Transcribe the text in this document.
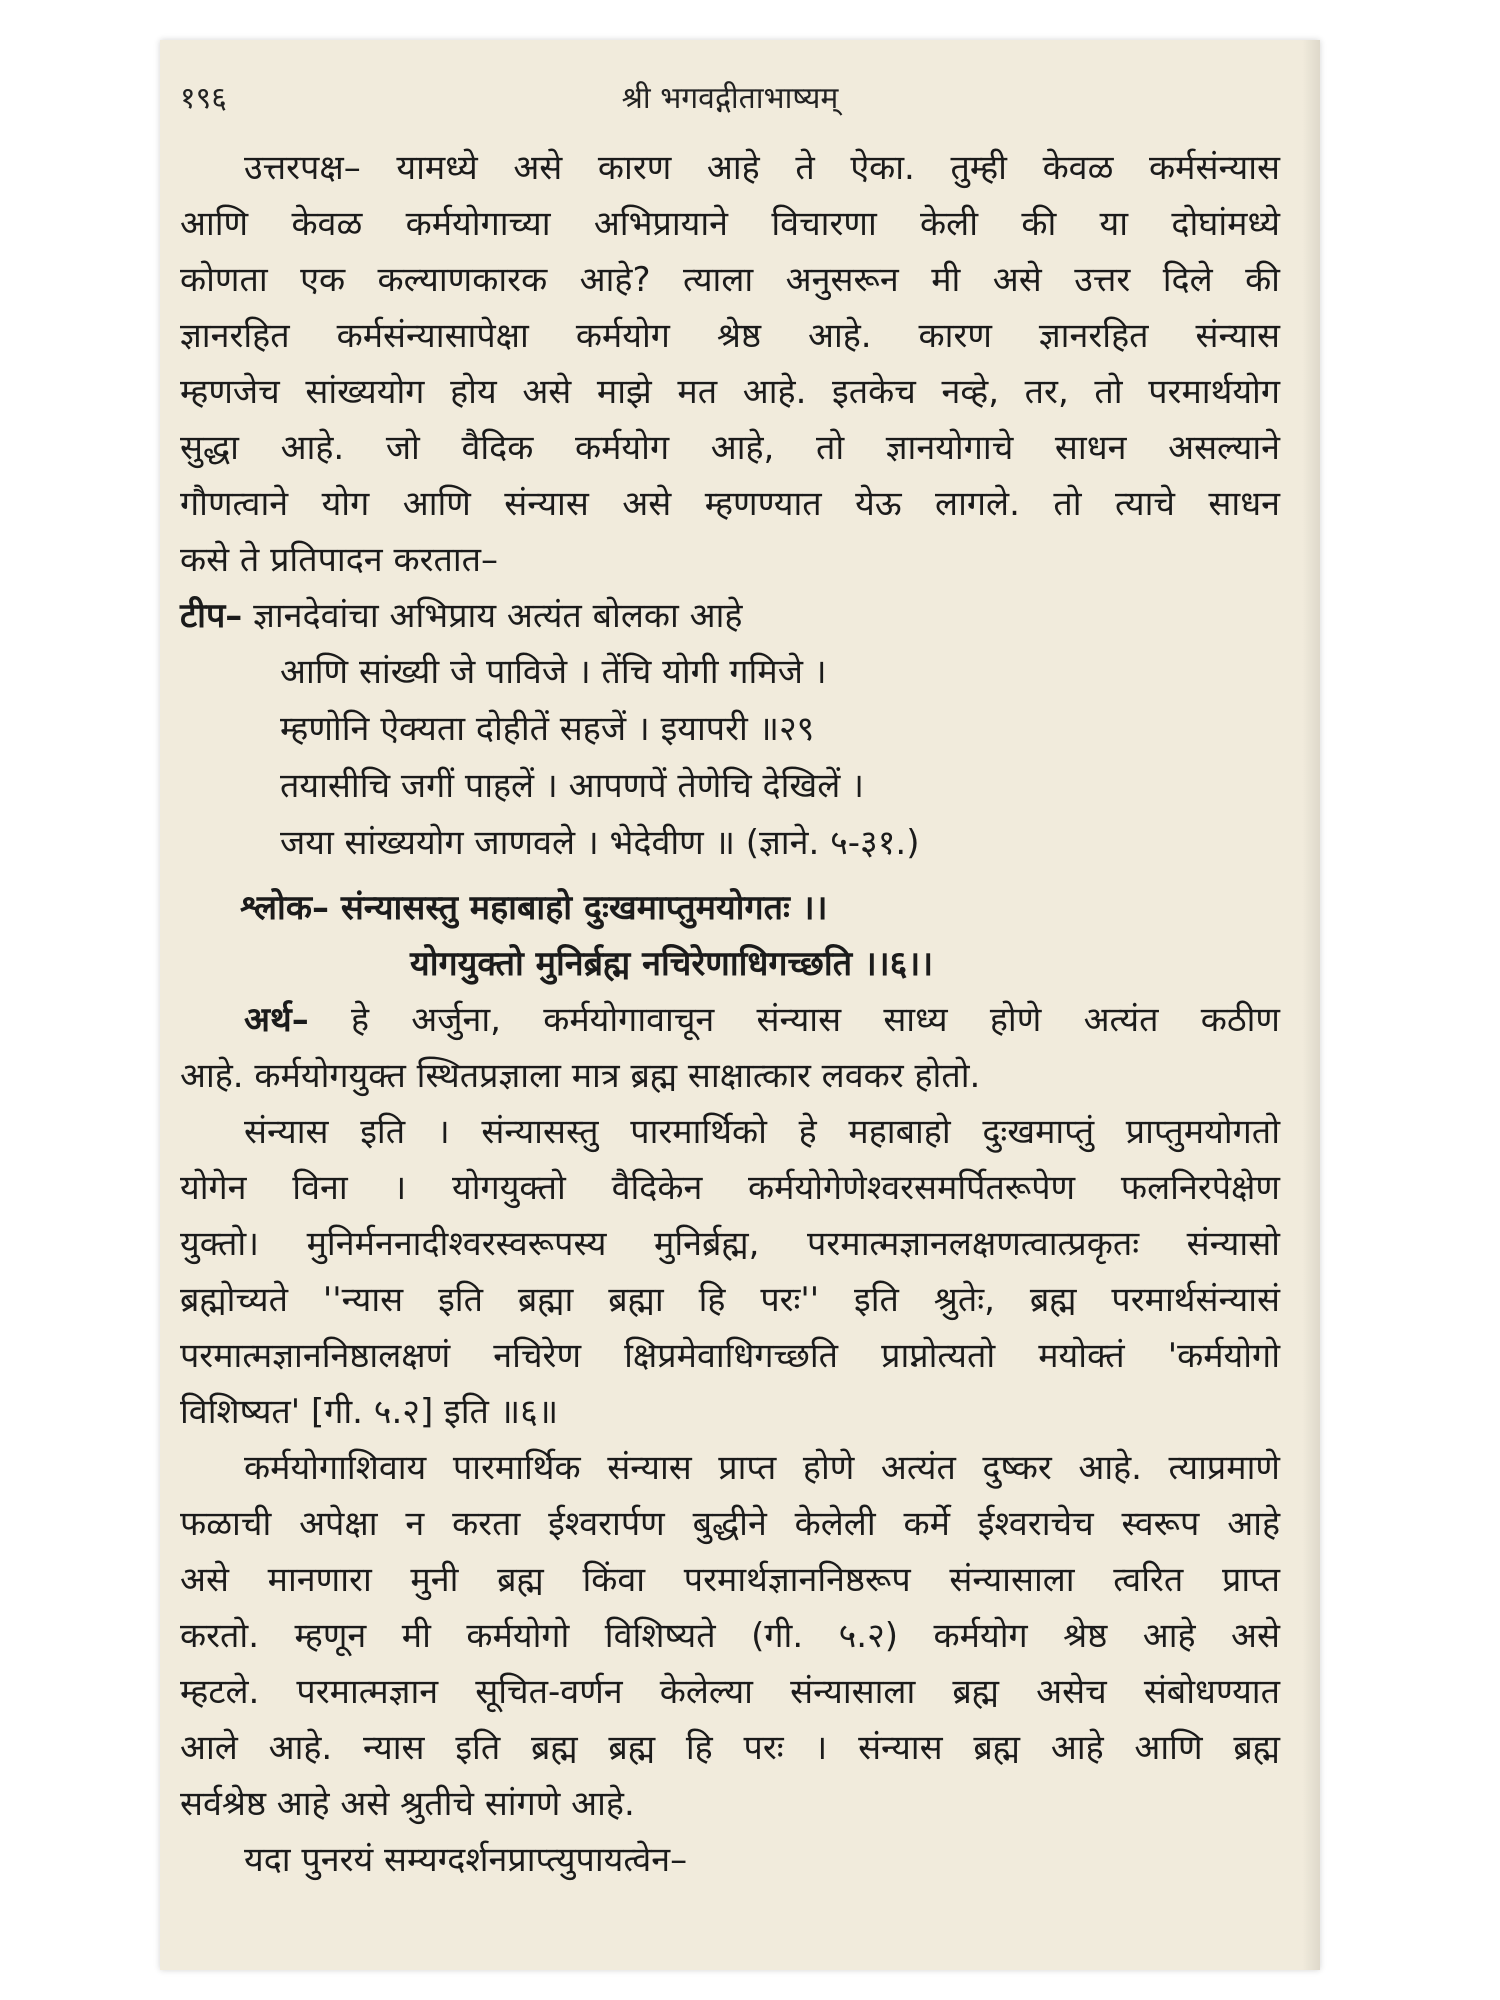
१९६	श्री भगवद्गीताभाष्यम्

उत्तरपक्ष– यामध्ये असे कारण आहे ते ऐका. तुम्ही केवळ कर्मसंन्यास

आणि केवळ कर्मयोगाच्या अभिप्रायाने विचारणा केली की या दोघांमध्ये

कोणता एक कल्याणकारक आहे? त्याला अनुसरून मी असे उत्तर दिले की

ज्ञानरहित कर्मसंन्यासापेक्षा कर्मयोग श्रेष्ठ आहे. कारण ज्ञानरहित संन्यास

म्हणजेच सांख्ययोग होय असे माझे मत आहे. इतकेच नव्हे, तर, तो परमार्थयोग

सुद्धा आहे. जो वैदिक कर्मयोग आहे, तो ज्ञानयोगाचे साधन असल्याने

गौणत्वाने योग आणि संन्यास असे म्हणण्यात येऊ लागले. तो त्याचे साधन

कसे ते प्रतिपादन करतात–

टीप– ज्ञानदेवांचा अभिप्राय अत्यंत बोलका आहे

आणि सांख्यी जे पाविजे । तेंचि योगी गमिजे ।

म्हणोनि ऐक्यता दोहीतें सहजें । इयापरी ॥२९

तयासीचि जगीं पाहलें । आपणपें तेणेचि देखिलें ।

जया सांख्ययोग जाणवले । भेदेवीण ॥ (ज्ञाने. ५-३१.)

श्लोक– संन्यासस्तु महाबाहो दुःखमाप्तुमयोगतः ।।

योगयुक्तो मुनिर्ब्रह्म नचिरेणाधिगच्छति ।।६।।

अर्थ– हे अर्जुना, कर्मयोगावाचून संन्यास साध्य होणे अत्यंत कठीण

आहे. कर्मयोगयुक्त स्थितप्रज्ञाला मात्र ब्रह्म साक्षात्कार लवकर होतो.

संन्यास इति । संन्यासस्तु पारमार्थिको हे महाबाहो दुःखमाप्तुं प्राप्तुमयोगतो

योगेन विना । योगयुक्तो वैदिकेन कर्मयोगेणेश्वरसमर्पितरूपेण फलनिरपेक्षेण

युक्तो। मुनिर्मननादीश्वरस्वरूपस्य मुनिर्ब्रह्म, परमात्मज्ञानलक्षणत्वात्प्रकृतः संन्यासो

ब्रह्मोच्यते ''न्यास इति ब्रह्मा ब्रह्मा हि परः'' इति श्रुतेः, ब्रह्म परमार्थसंन्यासं

परमात्मज्ञाननिष्ठालक्षणं नचिरेण क्षिप्रमेवाधिगच्छति प्राप्नोत्यतो मयोक्तं 'कर्मयोगो

विशिष्यत' [गी. ५.२] इति ॥६॥

कर्मयोगाशिवाय पारमार्थिक संन्यास प्राप्त होणे अत्यंत दुष्कर आहे. त्याप्रमाणे

फळाची अपेक्षा न करता ईश्वरार्पण बुद्धीने केलेली कर्मे ईश्वराचेच स्वरूप आहे

असे मानणारा मुनी ब्रह्म किंवा परमार्थज्ञाननिष्ठरूप संन्यासाला त्वरित प्राप्त

करतो. म्हणून मी कर्मयोगो विशिष्यते (गी. ५.२) कर्मयोग श्रेष्ठ आहे असे

म्हटले. परमात्मज्ञान सूचित-वर्णन केलेल्या संन्यासाला ब्रह्म असेच संबोधण्यात

आले आहे. न्यास इति ब्रह्म ब्रह्म हि परः । संन्यास ब्रह्म आहे आणि ब्रह्म

सर्वश्रेष्ठ आहे असे श्रुतीचे सांगणे आहे.

यदा पुनरयं सम्यग्दर्शनप्राप्त्युपायत्वेन–
